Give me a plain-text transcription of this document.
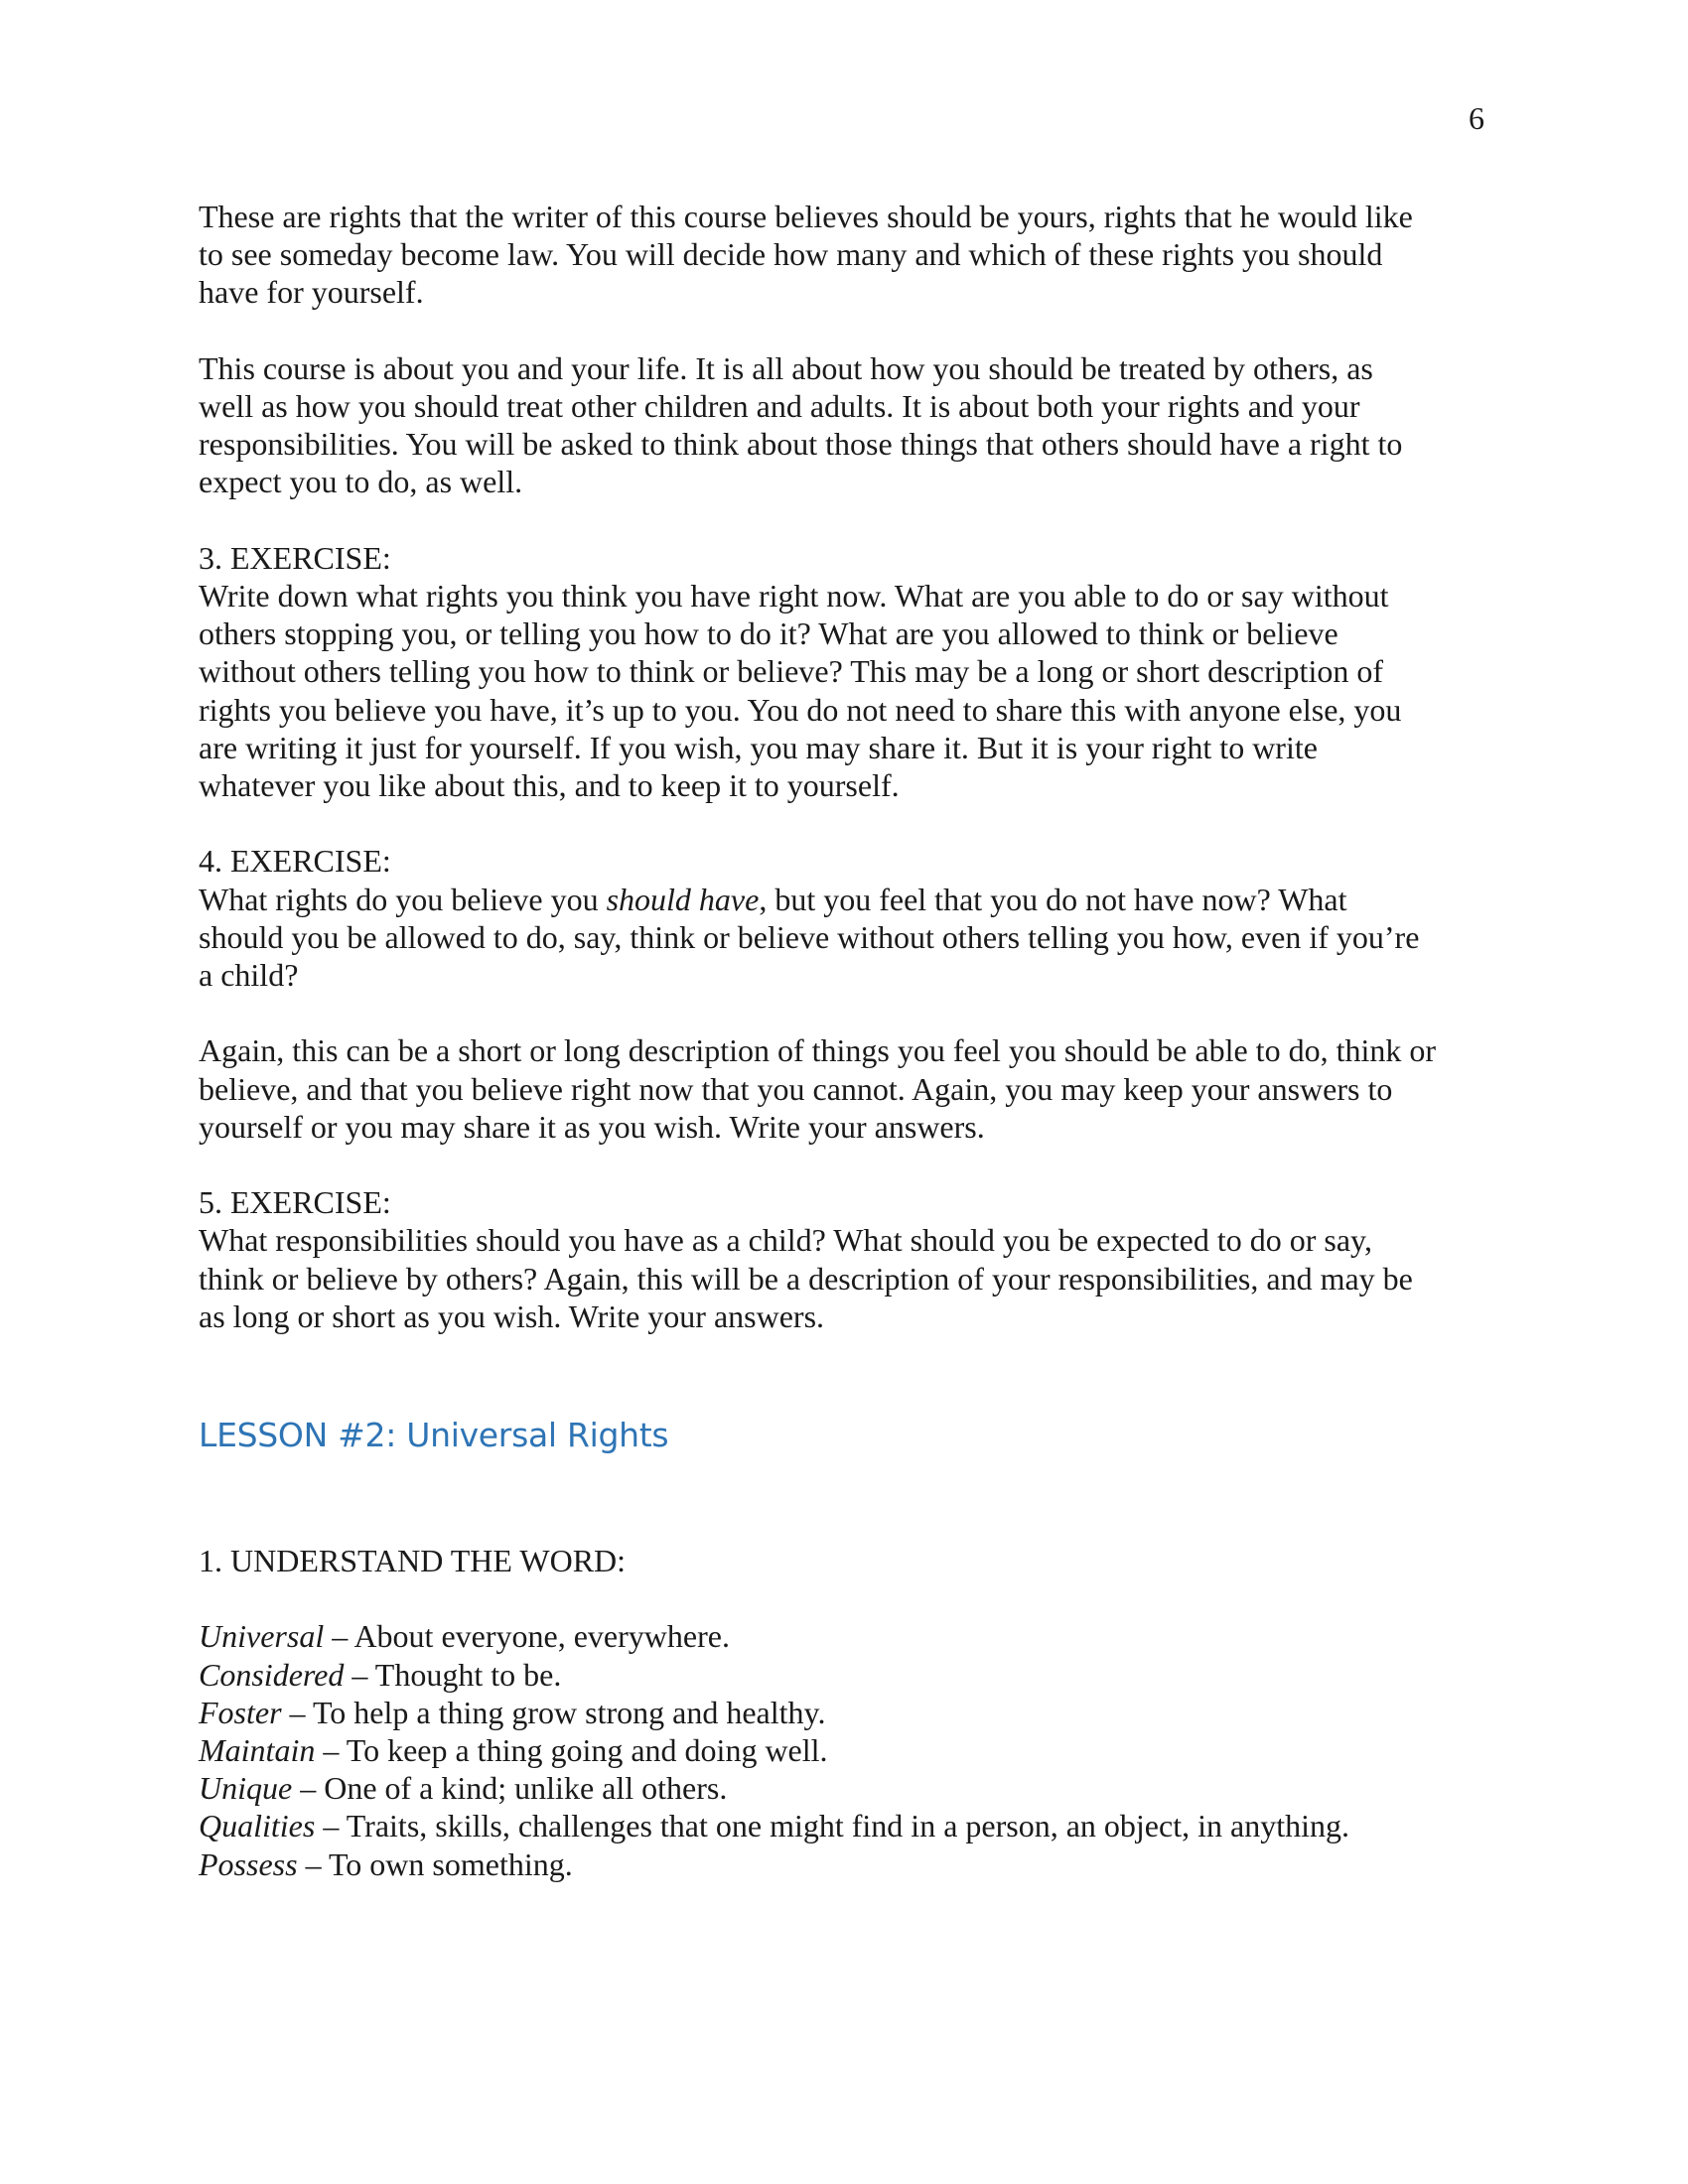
6

These are rights that the writer of this course believes should be yours, rights that he would like

to see someday become law. You will decide how many and which of these rights you should

have for yourself.

This course is about you and your life. It is all about how you should be treated by others, as

well as how you should treat other children and adults. It is about both your rights and your

responsibilities. You will be asked to think about those things that others should have a right to

expect you to do, as well.

3. EXERCISE:

Write down what rights you think you have right now. What are you able to do or say without

others stopping you, or telling you how to do it? What are you allowed to think or believe

without others telling you how to think or believe? This may be a long or short description of

rights you believe you have, it’s up to you. You do not need to share this with anyone else, you

are writing it just for yourself. If you wish, you may share it. But it is your right to write

whatever you like about this, and to keep it to yourself.

4. EXERCISE:

What rights do you believe you should have, but you feel that you do not have now? What

should you be allowed to do, say, think or believe without others telling you how, even if you’re

a child?

Again, this can be a short or long description of things you feel you should be able to do, think or

believe, and that you believe right now that you cannot. Again, you may keep your answers to

yourself or you may share it as you wish. Write your answers.

5. EXERCISE:

What responsibilities should you have as a child? What should you be expected to do or say,

think or believe by others? Again, this will be a description of your responsibilities, and may be

as long or short as you wish. Write your answers.

LESSON #2: Universal Rights

1. UNDERSTAND THE WORD:

Universal – About everyone, everywhere.

Considered – Thought to be.

Foster – To help a thing grow strong and healthy.

Maintain – To keep a thing going and doing well.

Unique – One of a kind; unlike all others.

Qualities – Traits, skills, challenges that one might find in a person, an object, in anything.

Possess – To own something.
